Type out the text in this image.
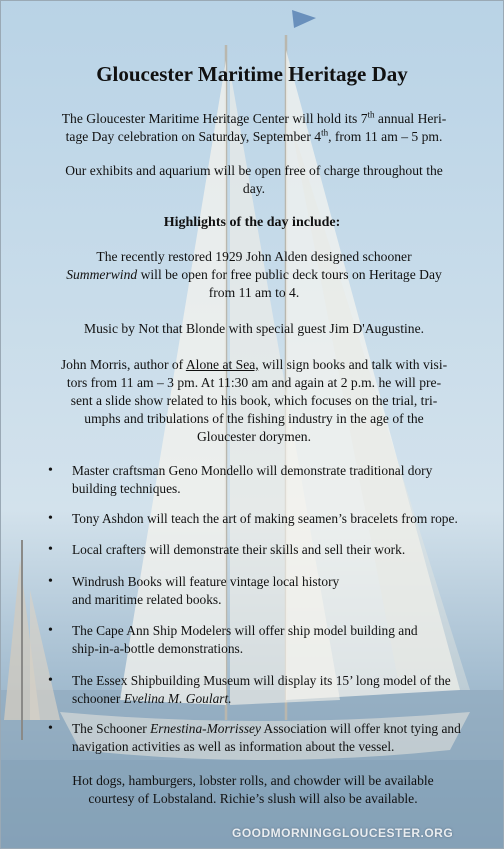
Gloucester Maritime Heritage Day
The Gloucester Maritime Heritage Center will hold its 7th annual Heri-
tage Day celebration on Saturday, September 4th, from 11 am – 5 pm.
Our exhibits and aquarium will be open free of charge throughout the
day.
Highlights of the day include:
The recently restored 1929 John Alden designed schooner
Summerwind will be open for free public deck tours on Heritage Day
from 11 am to 4.
Music by Not that Blonde with special guest Jim D'Augustine.
John Morris, author of Alone at Sea, will sign books and talk with visi-
tors from 11 am – 3 pm. At 11:30 am and again at 2 p.m. he will pre-
sent a slide show related to his book, which focuses on the trial, tri-
umphs and tribulations of the fishing industry in the age of the
Gloucester dorymen.
• Master craftsman Geno Mondello will demonstrate traditional dory
building techniques.
• Tony Ashdon will teach the art of making seamen’s bracelets from rope.
• Local crafters will demonstrate their skills and sell their work.
• Windrush Books will feature vintage local history
and maritime related books.
• The Cape Ann Ship Modelers will offer ship model building and
ship-in-a-bottle demonstrations.
• The Essex Shipbuilding Museum will display its 15’ long model of the
schooner Evelina M. Goulart.
• The Schooner Ernestina-Morrissey Association will offer knot tying and
navigation activities as well as information about the vessel.
Hot dogs, hamburgers, lobster rolls, and chowder will be available
courtesy of Lobstaland. Richie’s slush will also be available.
GOODMORNINGGLOUCESTER.ORG
